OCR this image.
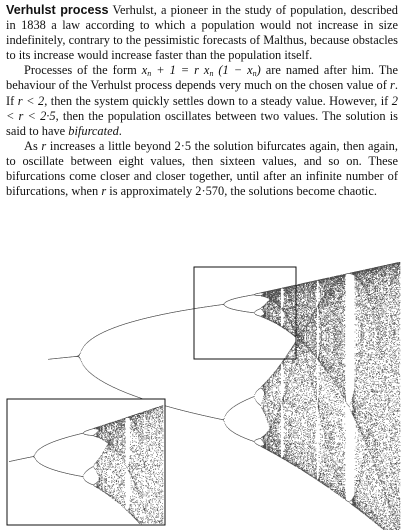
Verhulst process Verhulst, a pioneer in the study of population, described in 1838 a law according to which a population would not increase in size indefinitely, contrary to the pessimistic forecasts of Malthus, because obstacles to its increase would increase faster than the population itself.

Processes of the form $x_n + 1 = r$ $x_n$ $(1 - x_n)$ are named after him. The behaviour of the Verhulst process depends very much on the chosen value of r. If r < 2, then the system quickly settles down to a steady value. However, if 2 < r < 2·5, then the population oscillates between two values. The solution is said to have bifurcated.

As r increases a little beyond 2·5 the solution bifurcates again, then again, to oscillate between eight values, then sixteen values, and so on. These bifurcations come closer and closer together, until after an infinite number of bifurcations, when r is approximately 2·570, the solutions become chaotic.
